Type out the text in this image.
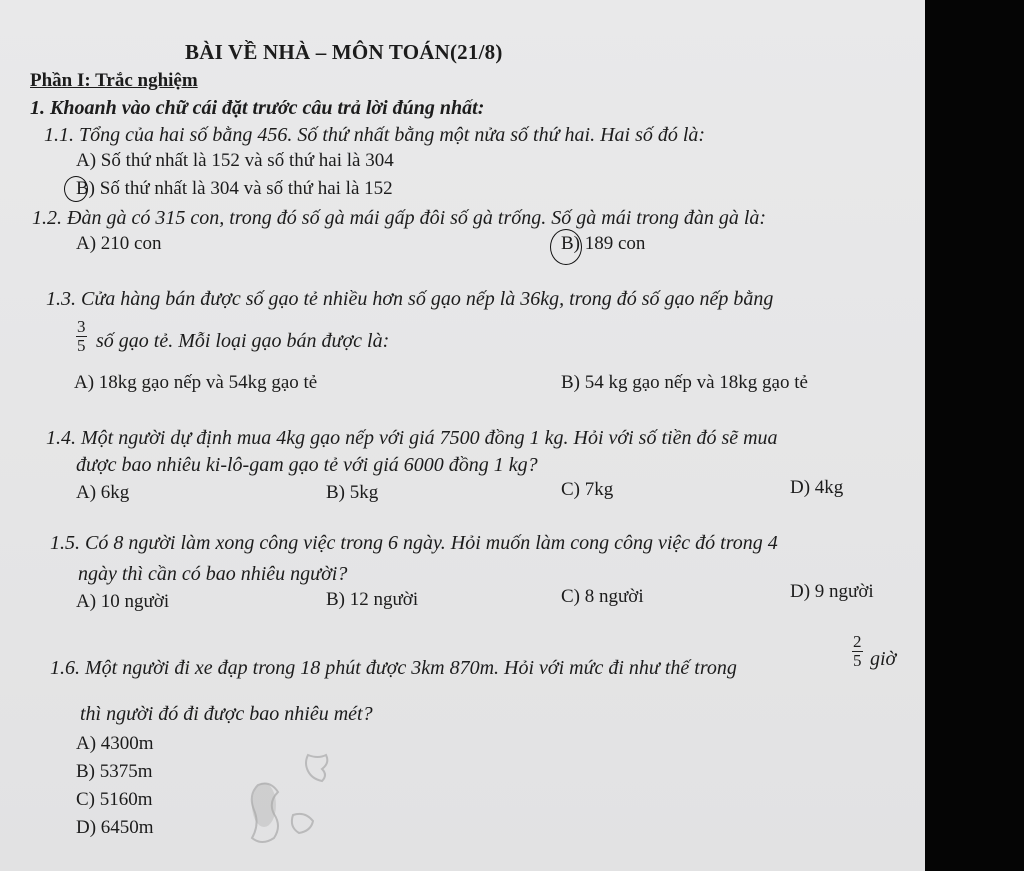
BÀI VỀ NHÀ – MÔN TOÁN(21/8)
Phần I: Trắc nghiệm
1. Khoanh vào chữ cái đặt trước câu trả lời đúng nhất:
1.1. Tổng của hai số bằng 456. Số thứ nhất bằng một nửa số thứ hai. Hai số đó là:
A) Số thứ nhất là 152 và số thứ hai là 304
B) Số thứ nhất là 304 và số thứ hai là 152
1.2. Đàn gà có 315 con, trong đó số gà mái gấp đôi số gà trống. Số gà mái trong đàn gà là:
A) 210 con	B) 189 con
1.3. Cửa hàng bán được số gạo tẻ nhiều hơn số gạo nếp là 36kg, trong đó số gạo nếp bằng
$\frac{3}{5}$ số gạo tẻ. Mỗi loại gạo bán được là:
A) 18kg gạo nếp và 54kg gạo tẻ	B) 54 kg gạo nếp và 18kg gạo tẻ
1.4. Một người dự định mua 4kg gạo nếp với giá 7500 đồng 1 kg. Hỏi với số tiền đó sẽ mua
được bao nhiêu ki-lô-gam gạo tẻ với giá 6000 đồng 1 kg?
A) 6kg	B) 5kg	C) 7kg	D) 4kg
1.5. Có 8 người làm xong công việc trong 6 ngày. Hỏi muốn làm cong công việc đó trong 4
ngày thì cần có bao nhiêu người?
A) 10 người	B) 12 người	C) 8 người	D) 9 người
1.6. Một người đi xe đạp trong 18 phút được 3km 870m. Hỏi với mức đi như thế trong	$\frac{2}{5}$ giờ
thì người đó đi được bao nhiêu mét?
A) 4300m
B) 5375m
C) 5160m
D) 6450m
